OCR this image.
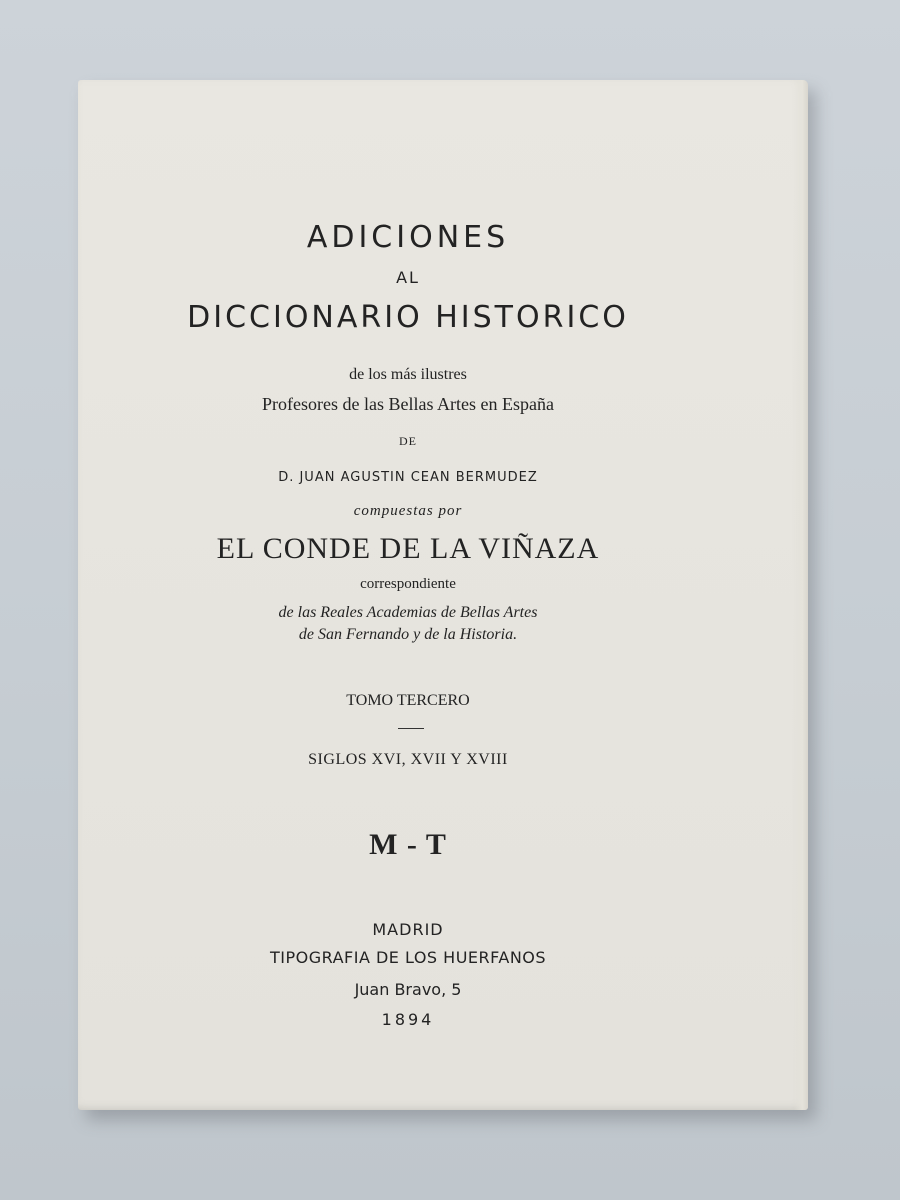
ADICIONES
AL
DICCIONARIO HISTORICO
de los más ilustres
Profesores de las Bellas Artes en España
DE
D. JUAN AGUSTIN CEAN BERMUDEZ
compuestas por
EL CONDE DE LA VIÑAZA
correspondiente
de las Reales Academias de Bellas Artes
de San Fernando y de la Historia.
TOMO TERCERO
SIGLOS XVI, XVII Y XVIII
M - T
MADRID
TIPOGRAFIA DE LOS HUERFANOS
Juan Bravo, 5
1894
